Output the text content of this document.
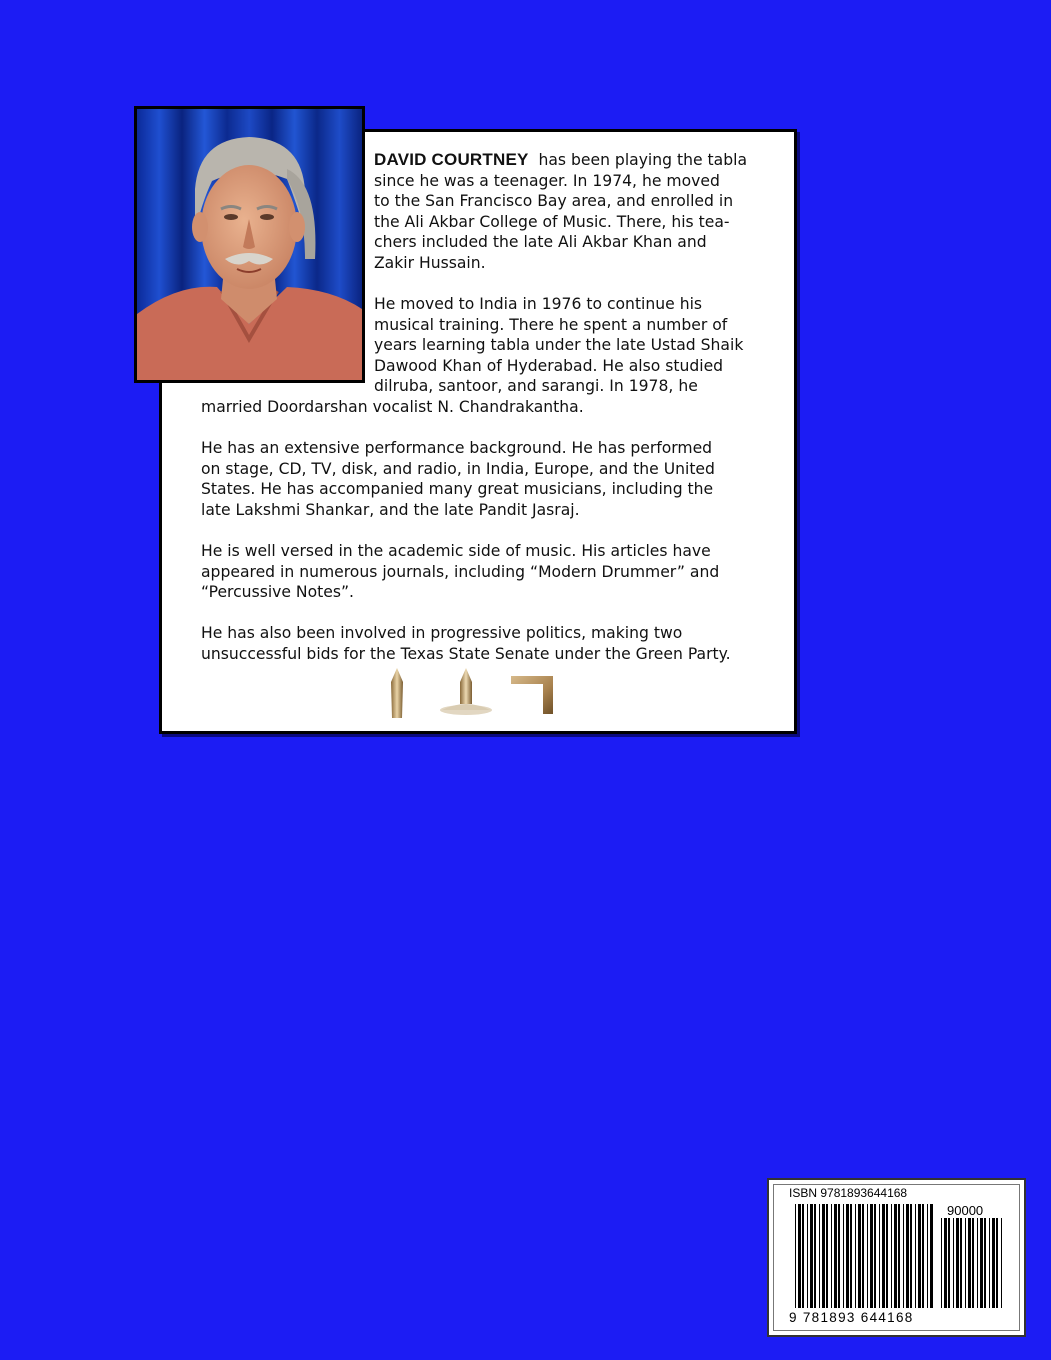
DAVID COURTNEY has been playing the tabla

since he was a teenager. In 1974, he moved

to the San Francisco Bay area, and enrolled in

the Ali Akbar College of Music. There, his tea-

chers included the late Ali Akbar Khan and

Zakir Hussain.

He moved to India in 1976 to continue his

musical training. There he spent a number of

years learning tabla under the late Ustad Shaik

Dawood Khan of Hyderabad. He also studied

dilruba, santoor, and sarangi. In 1978, he

married Doordarshan vocalist N. Chandrakantha.

He has an extensive performance background. He has performed

on stage, CD, TV, disk, and radio, in India, Europe, and the United

States. He has accompanied many great musicians, including the

late Lakshmi Shankar, and the late Pandit Jasraj.

He is well versed in the academic side of music. His articles have

appeared in numerous journals, including “Modern Drummer” and

“Percussive Notes”.

He has also been involved in progressive politics, making two

unsuccessful bids for the Texas State Senate under the Green Party.

ISBN 9781893644168
90000
9 781893 644168
